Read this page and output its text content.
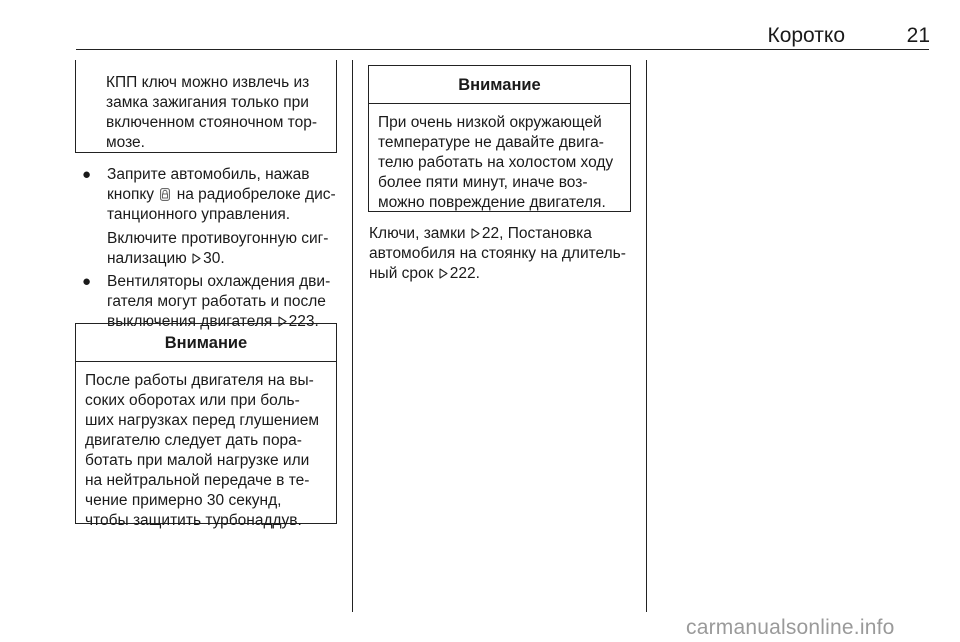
Коротко	21
КПП ключ можно извлечь из
замка зажигания только при
включенном стояночном тор-
мозе.
● Заприте автомобиль, нажав
кнопку на радиобрелоке дис-
танционного управления.
Включите противоугонную сиг-
нализацию 30.
● Вентиляторы охлаждения дви-
гателя могут работать и после
выключения двигателя 223.
Внимание
После работы двигателя на вы-
соких оборотах или при боль-
ших нагрузках перед глушением
двигателю следует дать пора-
ботать при малой нагрузке или
на нейтральной передаче в те-
чение примерно 30 секунд,
чтобы защитить турбонаддув.
Внимание
При очень низкой окружающей
температуре не давайте двига-
телю работать на холостом ходу
более пяти минут, иначе воз-
можно повреждение двигателя.
Ключи, замки 22, Постановка
автомобиля на стоянку на длитель-
ный срок 222.
carmanualsonline.info
